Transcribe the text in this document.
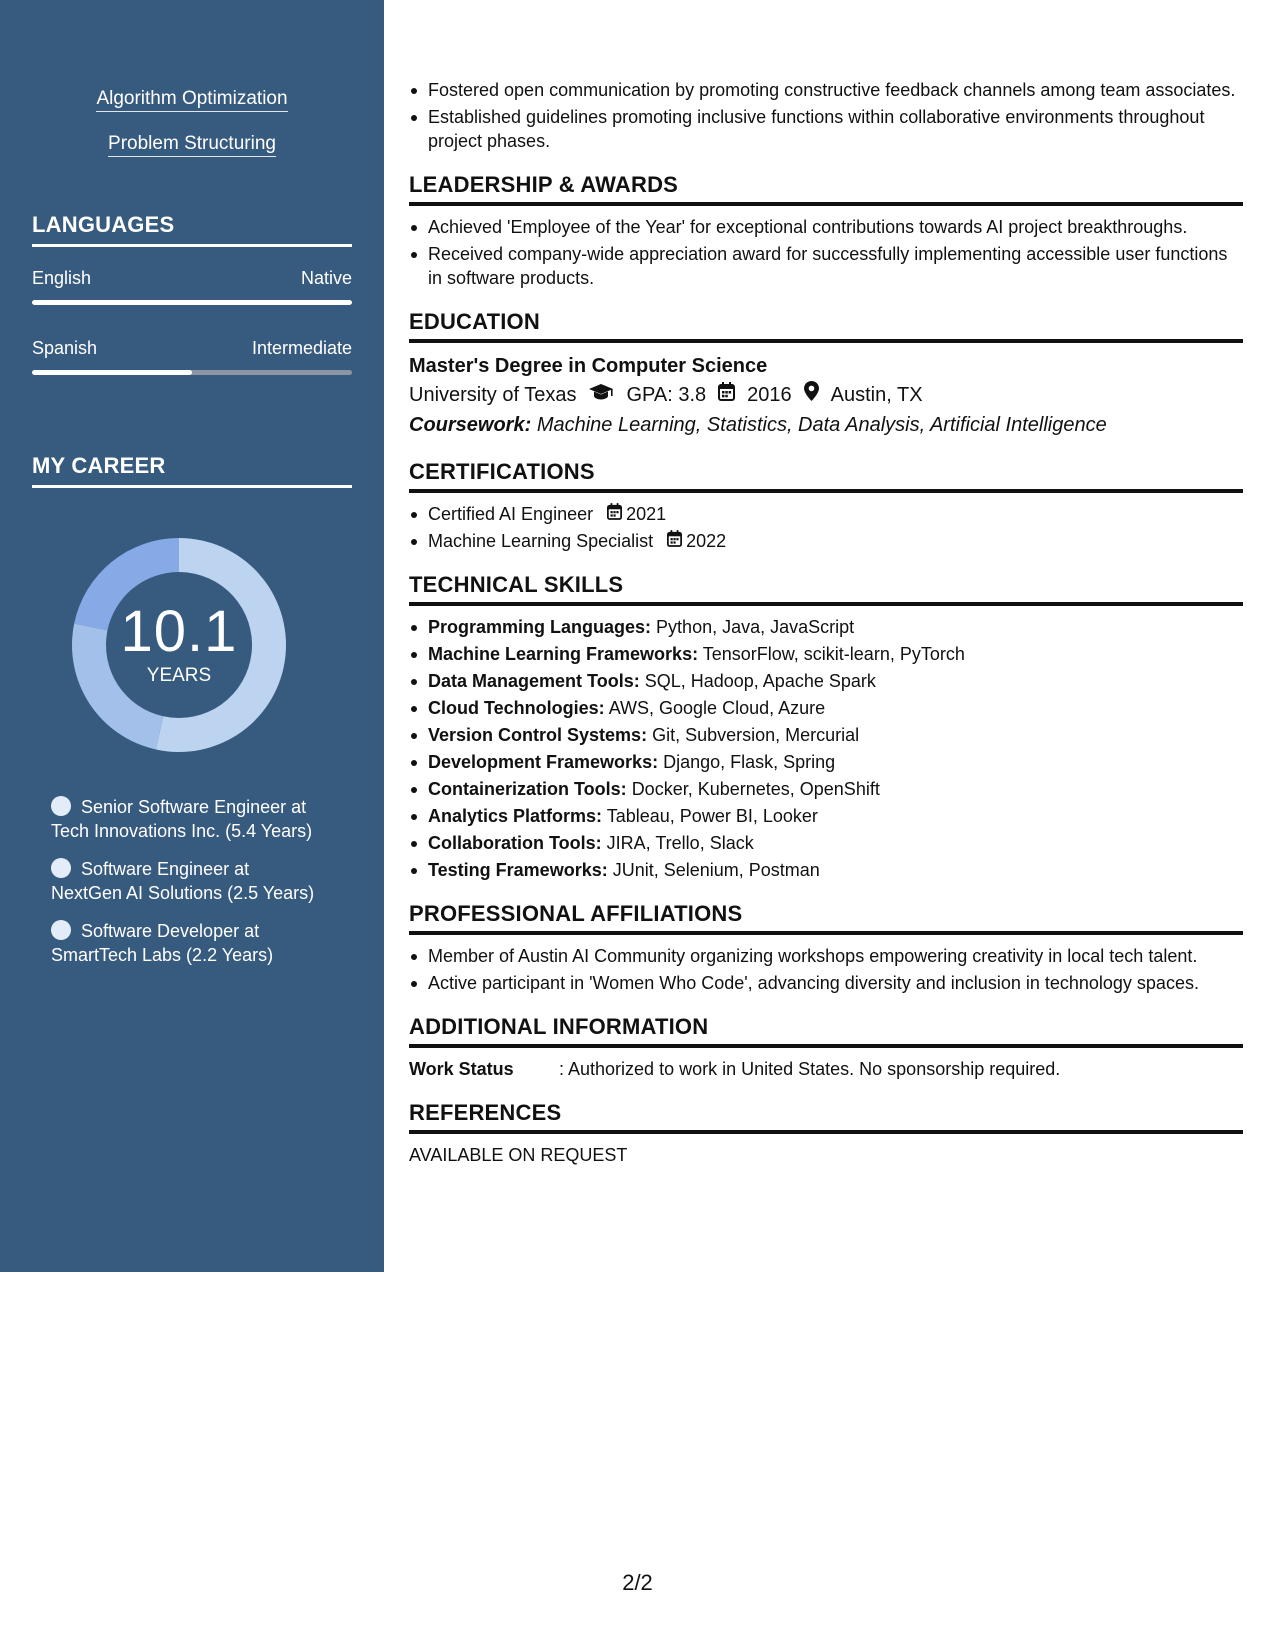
Algorithm Optimization
Problem Structuring
LANGUAGES
English	Native
Spanish	Intermediate
MY CAREER
10.1
YEARS
Senior Software Engineer at
Tech Innovations Inc. (5.4 Years)
Software Engineer at
NextGen AI Solutions (2.5 Years)
Software Developer at
SmartTech Labs (2.2 Years)
Fostered open communication by promoting constructive feedback channels among team associates.
Established guidelines promoting inclusive functions within collaborative environments throughout project phases.
LEADERSHIP & AWARDS
Achieved 'Employee of the Year' for exceptional contributions towards AI project breakthroughs.
Received company-wide appreciation award for successfully implementing accessible user functions in software products.
EDUCATION
Master's Degree in Computer Science
University of Texas	GPA: 3.8 2016 Austin, TX
Coursework: Machine Learning, Statistics, Data Analysis, Artificial Intelligence
CERTIFICATIONS
Certified AI Engineer 2021
Machine Learning Specialist 2022
TECHNICAL SKILLS
Programming Languages: Python, Java, JavaScript
Machine Learning Frameworks: TensorFlow, scikit-learn, PyTorch
Data Management Tools: SQL, Hadoop, Apache Spark
Cloud Technologies: AWS, Google Cloud, Azure
Version Control Systems: Git, Subversion, Mercurial
Development Frameworks: Django, Flask, Spring
Containerization Tools: Docker, Kubernetes, OpenShift
Analytics Platforms: Tableau, Power BI, Looker
Collaboration Tools: JIRA, Trello, Slack
Testing Frameworks: JUnit, Selenium, Postman
PROFESSIONAL AFFILIATIONS
Member of Austin AI Community organizing workshops empowering creativity in local tech talent.
Active participant in 'Women Who Code', advancing diversity and inclusion in technology spaces.
ADDITIONAL INFORMATION
Work Status	: Authorized to work in United States. No sponsorship required.
REFERENCES
AVAILABLE ON REQUEST
2/2
